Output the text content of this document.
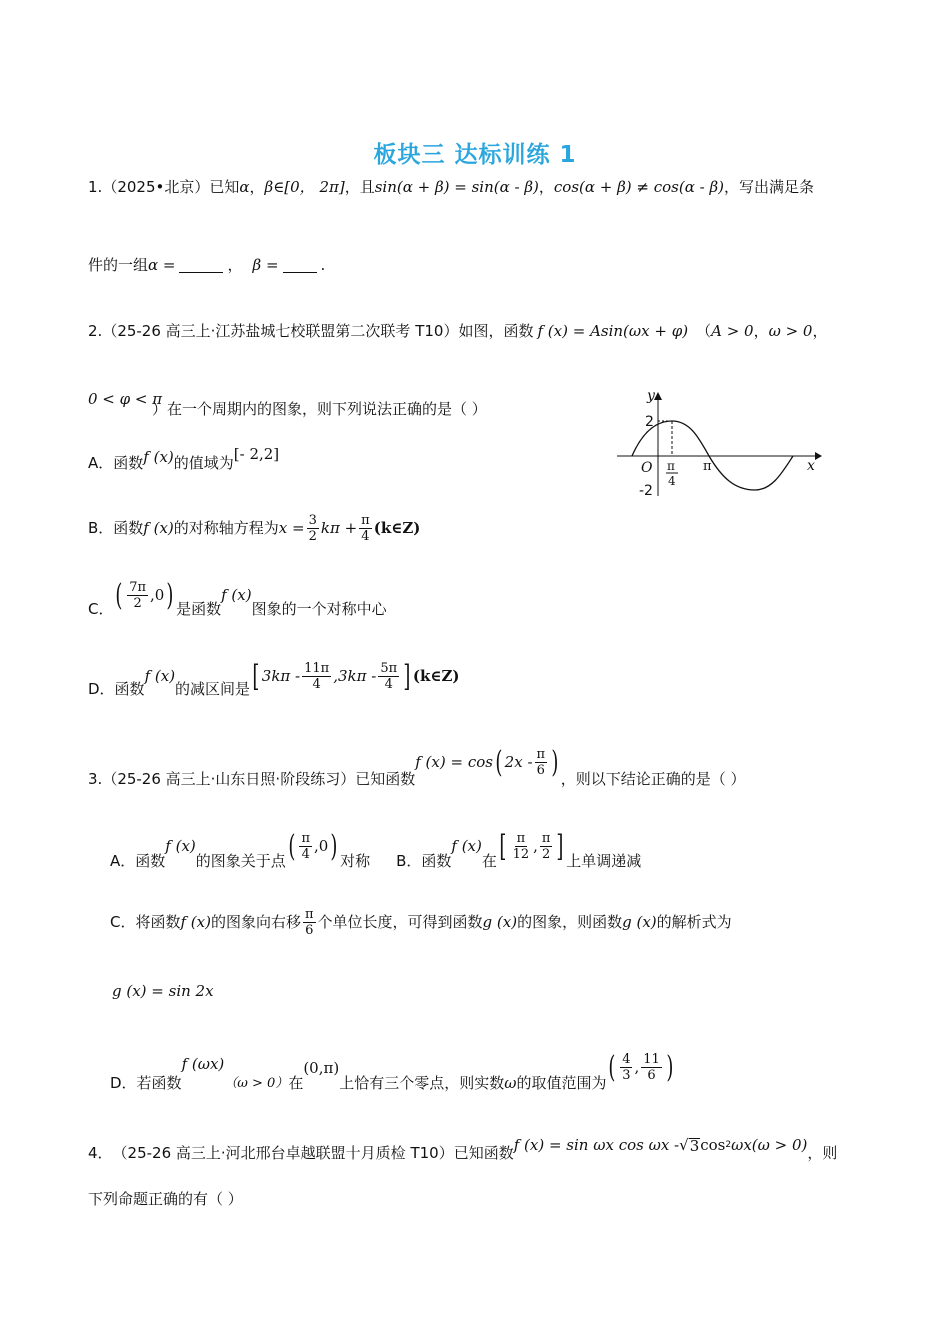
板块三 达标训练 1
1. （2025•北京） 已知 α ， β∈[0， 2π] ，且 sin(α + β) = sin(α - β) ， cos(α + β) ≠ cos(α - β) ，写出满足条
件的一组 α =	， β =	.
2. （25-26 高三上·江苏盐城七校联盟第二次联考 T10） 如图，函数 f (x) = Asin(ωx + φ) （ A > 0 ， ω > 0 ，
0 < φ < π
）在一个周期内的图象，则下列说法正确的是（ ）
A．函数 f (x) 的值域为 [- 2,2]
B．函数 f (x) 的对称轴方程为 $x = \frac{3}{2}$ $k\pi + \frac{\pi}{4}$ (k∈Z)
C． ( $\frac{7\pi}{2} ,0$ ) 是函数
f (x)
图象的一个对称中心
D．函数
f (x)
的减区间是 [ $3k\pi - \frac{11\pi}{4} ,3k\pi - \frac{5\pi}{4}$ ] (k∈Z)
y
x
O
2
-2
π
4
π
3. （25-26 高三上·山东日照·阶段练习） 已知函数
f (x) = cos ( $2x - \frac{\pi}{6}$ ) ，则以下结论正确的是（ ）
A．函数
f (x)
的图象关于点 ( $\frac{\pi}{4} ,0$ ) 对称 B．函数
f (x)
在 [ $\frac{\pi}{12}$ , $\frac{\pi}{2}$ ] 上单调递减
C．将函数 f (x) 的图象向右移 $\frac{\pi}{6}$ 个单位长度，可得到函数 g (x) 的图象，则函数 g (x) 的解析式为
g (x) = sin 2x
D．若函数
f (ωx)
（ω > 0） 在
(0,π)
上恰有三个零点，则实数 ω 的取值范围为 ( $\frac{4}{3}$ , $\frac{11}{6}$ )
4． （25-26 高三上·河北邢台卓越联盟十月质检 T10） 已知函数 f (x) = sin ωx cos ωx - √ 3 cos 2 ωx(ω > 0) ，则
下列命题正确的有（ ）
